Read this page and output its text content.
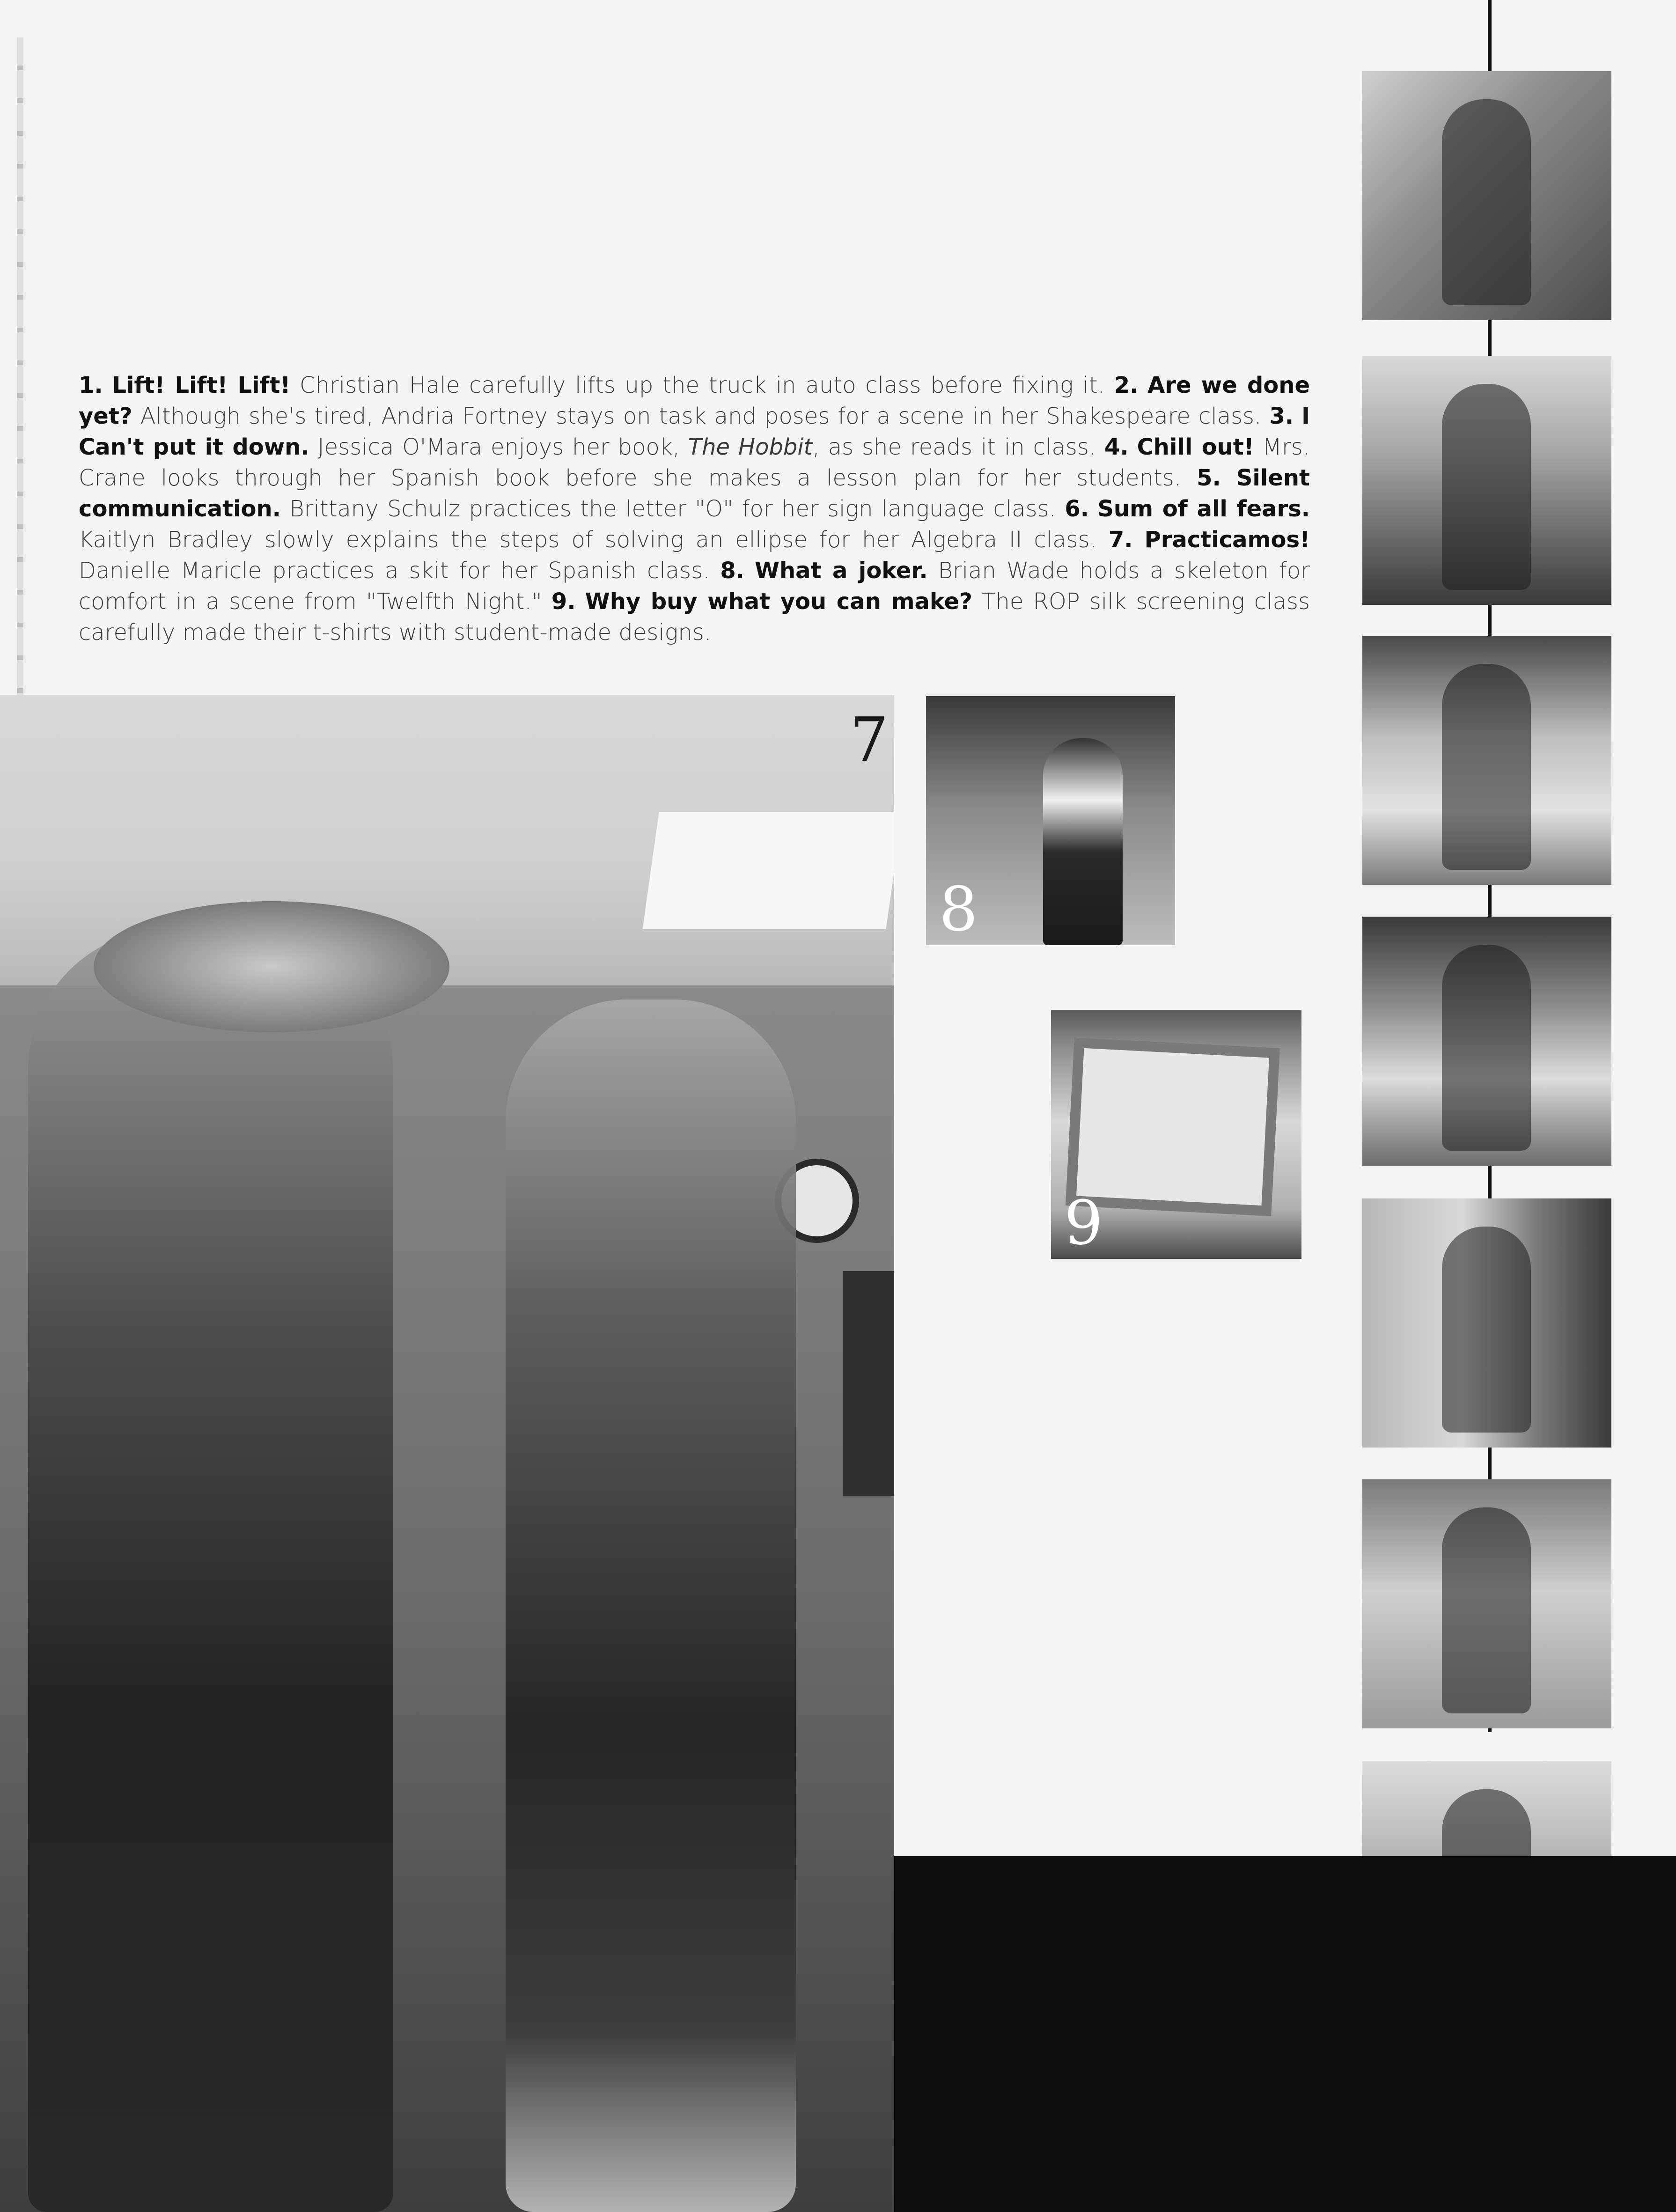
1. Lift! Lift! Lift! Christian Hale carefully lifts up the truck in auto class before fixing it. 2. Are we done yet? Although she's tired, Andria Fortney stays on task and poses for a scene in her Shakespeare class. 3. I Can't put it down. Jessica O'Mara enjoys her book, The Hobbit, as she reads it in class. 4. Chill out! Mrs. Crane looks through her Spanish book before she makes a lesson plan for her students. 5. Silent communication. Brittany Schulz practices the letter "O" for her sign language class. 6. Sum of all fears. Kaitlyn Bradley slowly explains the steps of solving an ellipse for her Algebra II class. 7. Practicamos! Danielle Maricle practices a skit for her Spanish class. 8. What a joker. Brian Wade holds a skeleton for comfort in a scene from "Twelfth Night." 9. Why buy what you can make? The ROP silk screening class carefully made their t-shirts with student-made designs.
7
8
9
